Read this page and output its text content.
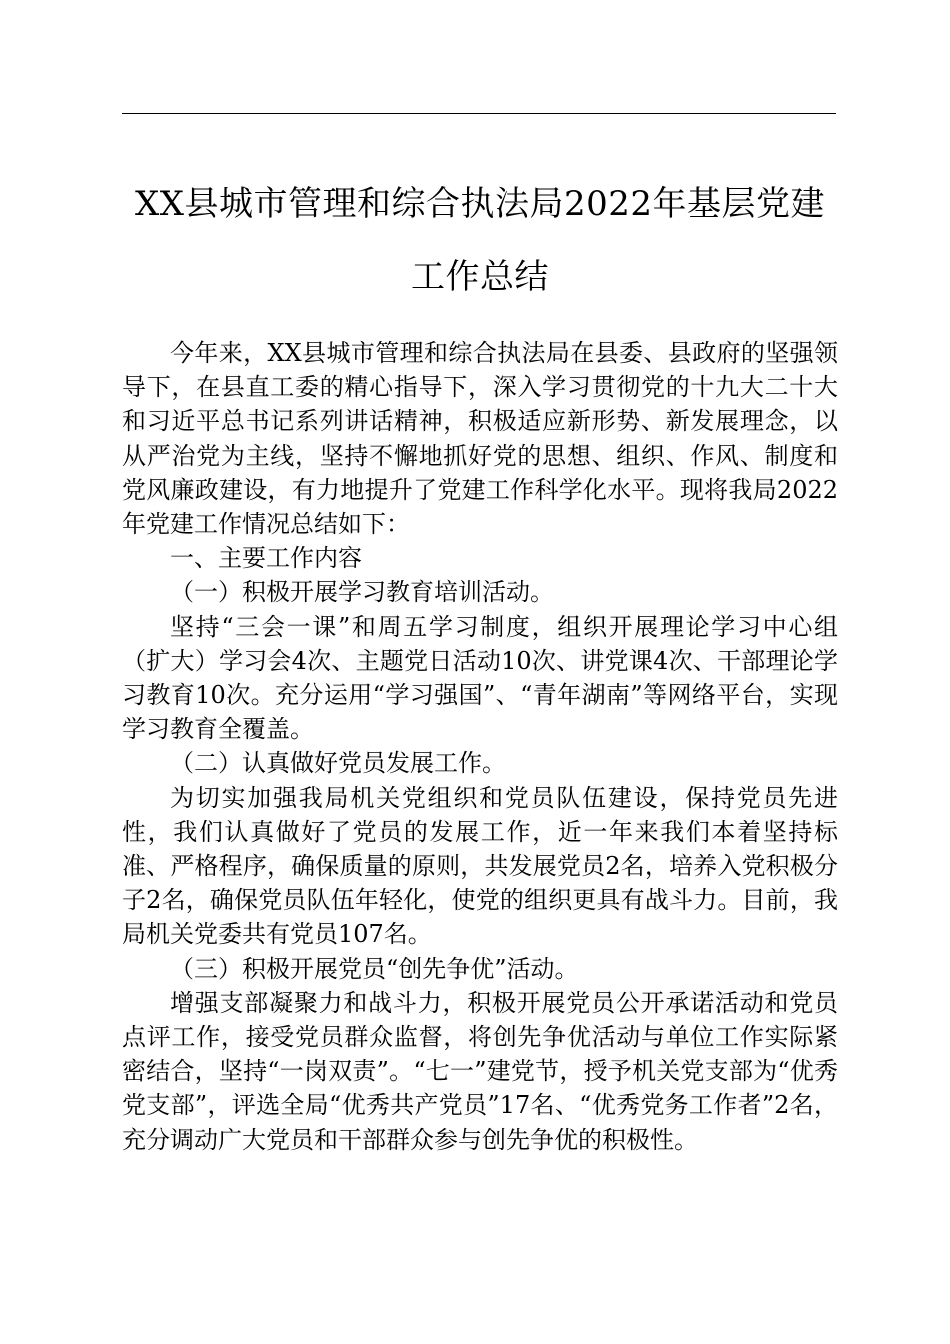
XX县城市管理和综合执法局2022年基层党建
工作总结

今年来，XX县城市管理和综合执法局在县委、县政府的坚强领导下，在县直工委的精心指导下，深入学习贯彻党的十九大二十大和习近平总书记系列讲话精神，积极适应新形势、新发展理念，以从严治党为主线，坚持不懈地抓好党的思想、组织、作风、制度和党风廉政建设，有力地提升了党建工作科学化水平。现将我局2022年党建工作情况总结如下：

一、主要工作内容

（一）积极开展学习教育培训活动。

坚持“三会一课”和周五学习制度，组织开展理论学习中心组（扩大）学习会4次、主题党日活动10次、讲党课4次、干部理论学习教育10次。充分运用“学习强国”、“青年湖南”等网络平台，实现学习教育全覆盖。

（二）认真做好党员发展工作。

为切实加强我局机关党组织和党员队伍建设，保持党员先进性，我们认真做好了党员的发展工作，近一年来我们本着坚持标准、严格程序，确保质量的原则，共发展党员2名，培养入党积极分子2名，确保党员队伍年轻化，使党的组织更具有战斗力。目前，我局机关党委共有党员107名。

（三）积极开展党员“创先争优”活动。

增强支部凝聚力和战斗力，积极开展党员公开承诺活动和党员点评工作，接受党员群众监督，将创先争优活动与单位工作实际紧密结合，坚持“一岗双责”。“七一”建党节，授予机关党支部为“优秀党支部”，评选全局“优秀共产党员”17名、“优秀党务工作者”2名，充分调动广大党员和干部群众参与创先争优的积极性。
